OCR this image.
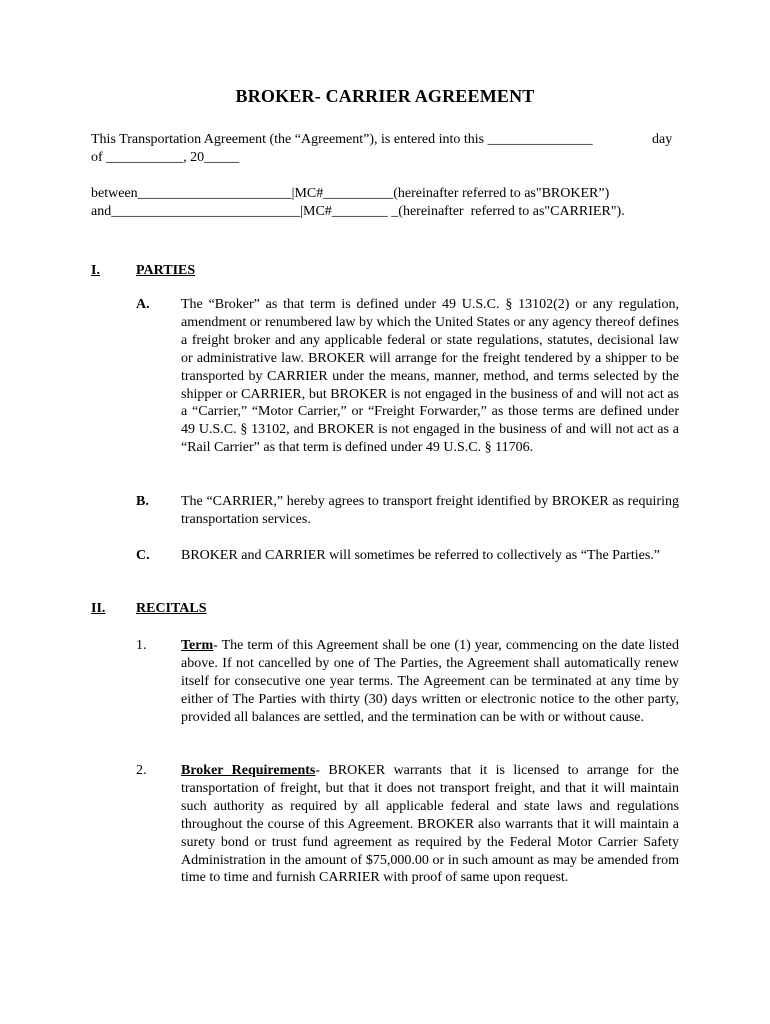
BROKER- CARRIER AGREEMENT
This Transportation Agreement (the “Agreement”), is entered into this _______________	day
of ___________, 20_____
between______________________|MC#__________(hereinafter referred to as"BROKER”)
and___________________________|MC#________ _(hereinafter  referred to as"CARRIER").
I.	PARTIES
A. The “Broker” as that term is defined under 49 U.S.C. § 13102(2) or any regulation, amendment or renumbered law by which the United States or any agency thereof defines a freight broker and any applicable federal or state regulations, statutes, decisional law or administrative law. BROKER will arrange for the freight tendered by a shipper to be transported by CARRIER under the means, manner, method, and terms selected by the shipper or CARRIER, but BROKER is not engaged in the business of and will not act as a “Carrier,” “Motor Carrier,” or “Freight Forwarder,” as those terms are defined under 49 U.S.C. § 13102, and BROKER is not engaged in the business of and will not act as a “Rail Carrier” as that term is defined under 49 U.S.C. § 11706.
B. The “CARRIER,” hereby agrees to transport freight identified by BROKER as requiring transportation services.
C. BROKER and CARRIER will sometimes be referred to collectively as “The Parties.”
II. RECITALS
1. Term- The term of this Agreement shall be one (1) year, commencing on the date listed above. If not cancelled by one of The Parties, the Agreement shall automatically renew itself for consecutive one year terms. The Agreement can be terminated at any time by either of The Parties with thirty (30) days written or electronic notice to the other party, provided all balances are settled, and the termination can be with or without cause.
2. Broker Requirements- BROKER warrants that it is licensed to arrange for the transportation of freight, but that it does not transport freight, and that it will maintain such authority as required by all applicable federal and state laws and regulations throughout the course of this Agreement. BROKER also warrants that it will maintain a surety bond or trust fund agreement as required by the Federal Motor Carrier Safety Administration in the amount of $75,000.00 or in such amount as may be amended from time to time and furnish CARRIER with proof of same upon request.
